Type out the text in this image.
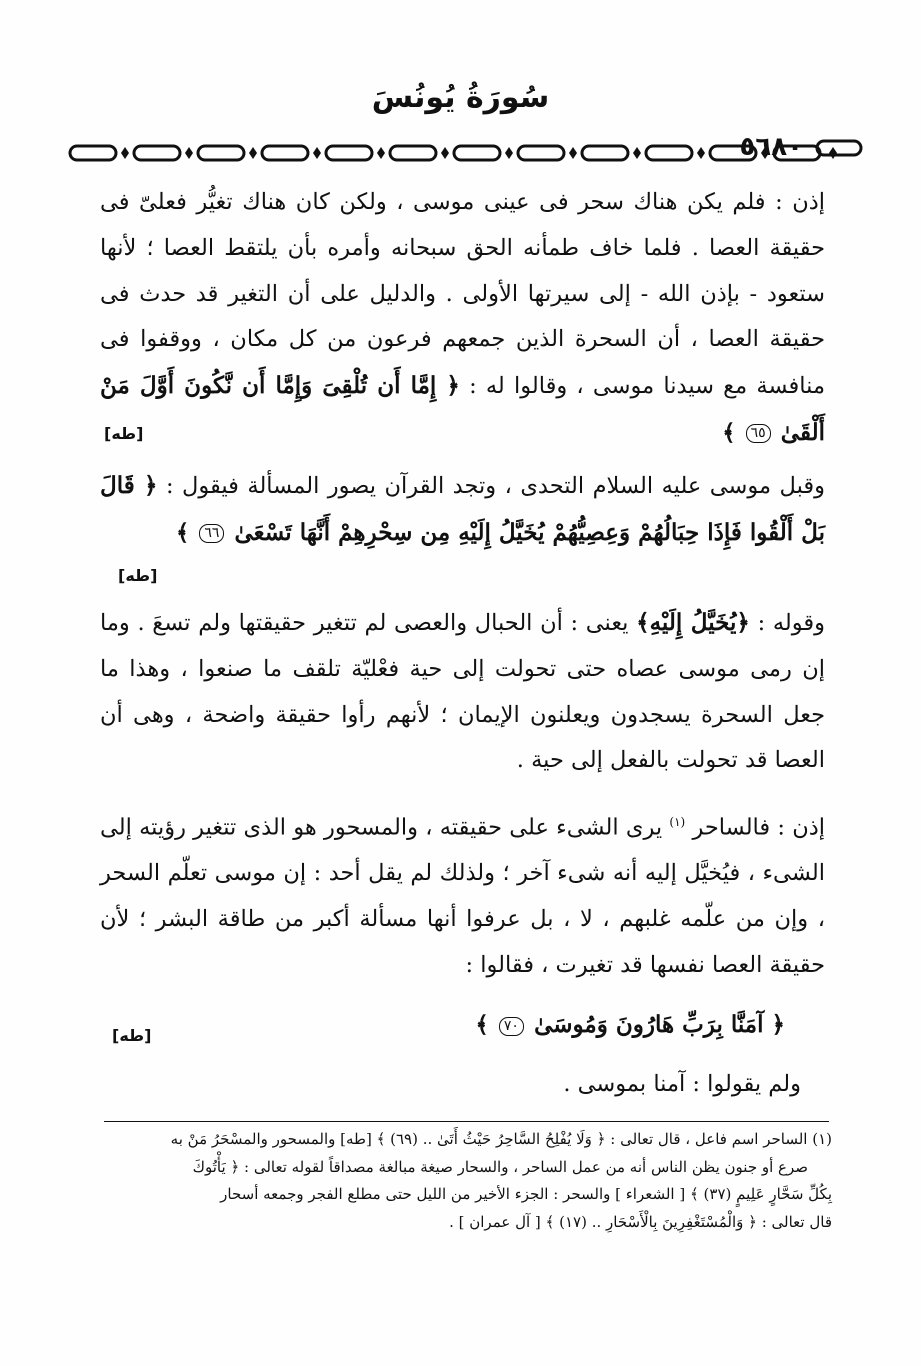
سُورَةُ يُونُسَ
٥٦٨٠

إذن : فلم يكن هناك سحر فى عينى موسى ، ولكن كان هناك تغيُّر فعلىّ فى حقيقة العصا . فلما خاف طمأنه الحق سبحانه وأمره بأن يلتقط العصا ؛ لأنها ستعود - بإذن الله - إلى سيرتها الأولى . والدليل على أن التغير قد حدث فى حقيقة العصا ، أن السحرة الذين جمعهم فرعون من كل مكان ، ووقفوا فى منافسة مع سيدنا موسى ، وقالوا له : ﴿ إِمَّا أَن تُلْقِىَ وَإِمَّا أَن نَّكُونَ أَوَّلَ مَنْ أَلْقَىٰ ٦٥ ﴾

[طه]

وقبل موسى عليه السلام التحدى ، وتجد القرآن يصور المسألة فيقول : ﴿ قَالَ بَلْ أَلْقُوا فَإِذَا حِبَالُهُمْ وَعِصِيُّهُمْ يُخَيَّلُ إِلَيْهِ مِن سِحْرِهِمْ أَنَّهَا تَسْعَىٰ ٦٦ ﴾

[طه]

وقوله : ﴿يُخَيَّلُ إِلَيْهِ﴾ يعنى : أن الحبال والعصى لم تتغير حقيقتها ولم تسعَ . وما إن رمى موسى عصاه حتى تحولت إلى حية فعْليّة تلقف ما صنعوا ، وهذا ما جعل السحرة يسجدون ويعلنون الإيمان ؛ لأنهم رأوا حقيقة واضحة ، وهى أن العصا قد تحولت بالفعل إلى حية .

إذن : فالساحر $^{(١)}$ يرى الشىء على حقيقته ، والمسحور هو الذى تتغير رؤيته إلى الشىء ، فيُخيَّل إليه أنه شىء آخر ؛ ولذلك لم يقل أحد : إن موسى تعلّم السحر ، وإن من علّمه غلبهم ، لا ، بل عرفوا أنها مسألة أكبر من طاقة البشر ؛ لأن حقيقة العصا نفسها قد تغيرت ، فقالوا :

﴿ آمَنَّا بِرَبِّ هَارُونَ وَمُوسَىٰ ٧٠ ﴾

[طه]

ولم يقولوا : آمنا بموسى .

(١) الساحر اسم فاعل ، قال تعالى : ﴿ وَلَا يُفْلِحُ السَّاحِرُ حَيْثُ أَتَىٰ .. (٦٩) ﴾ [طه] والمسحور والمسْحَرُ مَنْ به
صرع أو جنون يظن الناس أنه من عمل الساحر ، والسحار صيغة مبالغة مصداقاً لقوله تعالى : ﴿ يَأْتُوكَ
بِكُلِّ سَحَّارٍ عَلِيمٍ (٣٧) ﴾ [ الشعراء ] والسحر : الجزء الأخير من الليل حتى مطلع الفجر وجمعه أسحار
قال تعالى : ﴿ وَالْمُسْتَغْفِرِينَ بِالْأَسْحَارِ .. (١٧) ﴾ [ آل عمران ] .
